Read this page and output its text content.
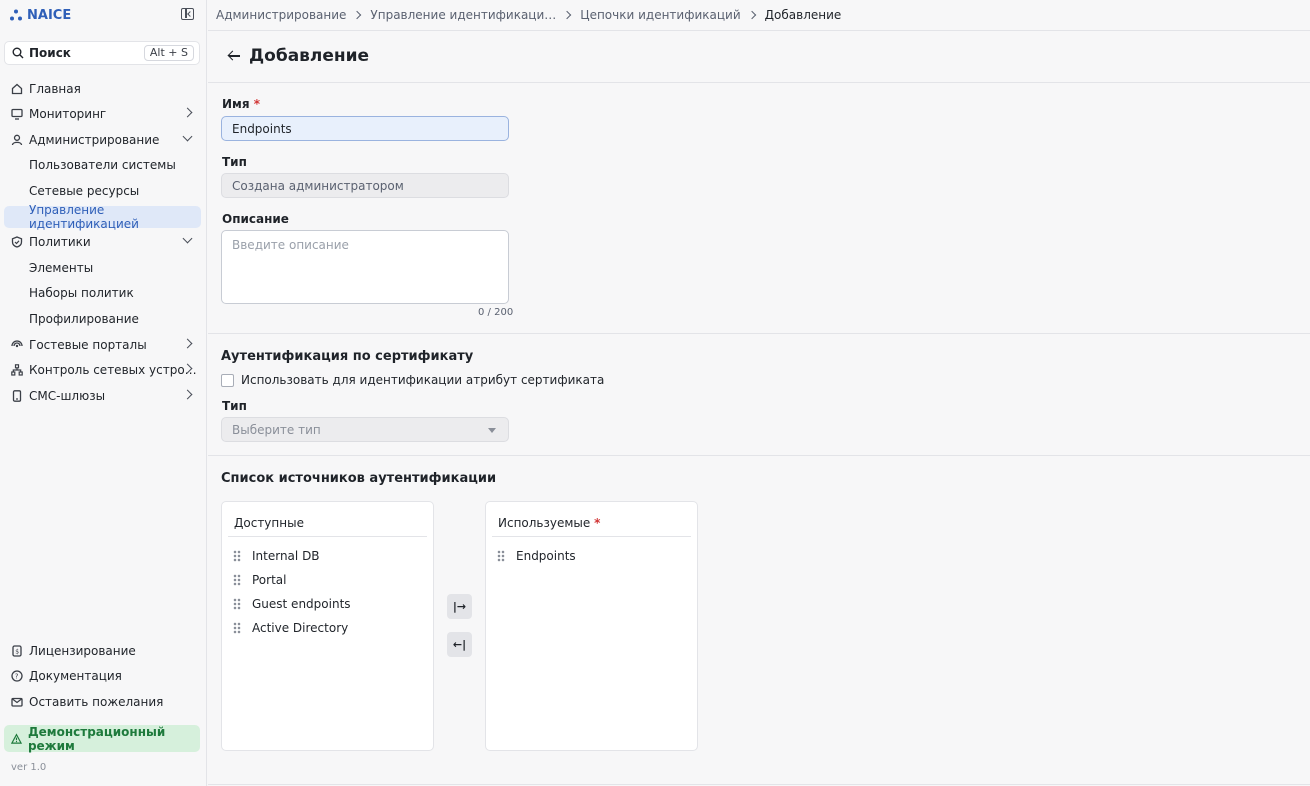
NAICE
Поиск	Alt + S
Главная
Мониторинг
Администрирование
Пользователи системы
Сетевые ресурсы
Управление идентификацией
Политики
Элементы
Наборы политик
Профилирование
Гостевые порталы
Контроль сетевых устро…
СМС-шлюзы
$ Лицензирование
? Документация
Оставить пожелания
Демонстрационный режим
ver 1.0
Администрирование Управление идентификаци… Цепочки идентификаций Добавление
Добавление
Имя *
Endpoints
Тип
Создана администратором
Описание
Введите описание
0 / 200
Аутентификация по сертификату
Использовать для идентификации атрибут сертификата
Тип
Выберите тип
Список источников аутентификации
Доступные
Internal DB
Portal
Guest endpoints
Active Directory
|→
←|
Используемые *
Endpoints
